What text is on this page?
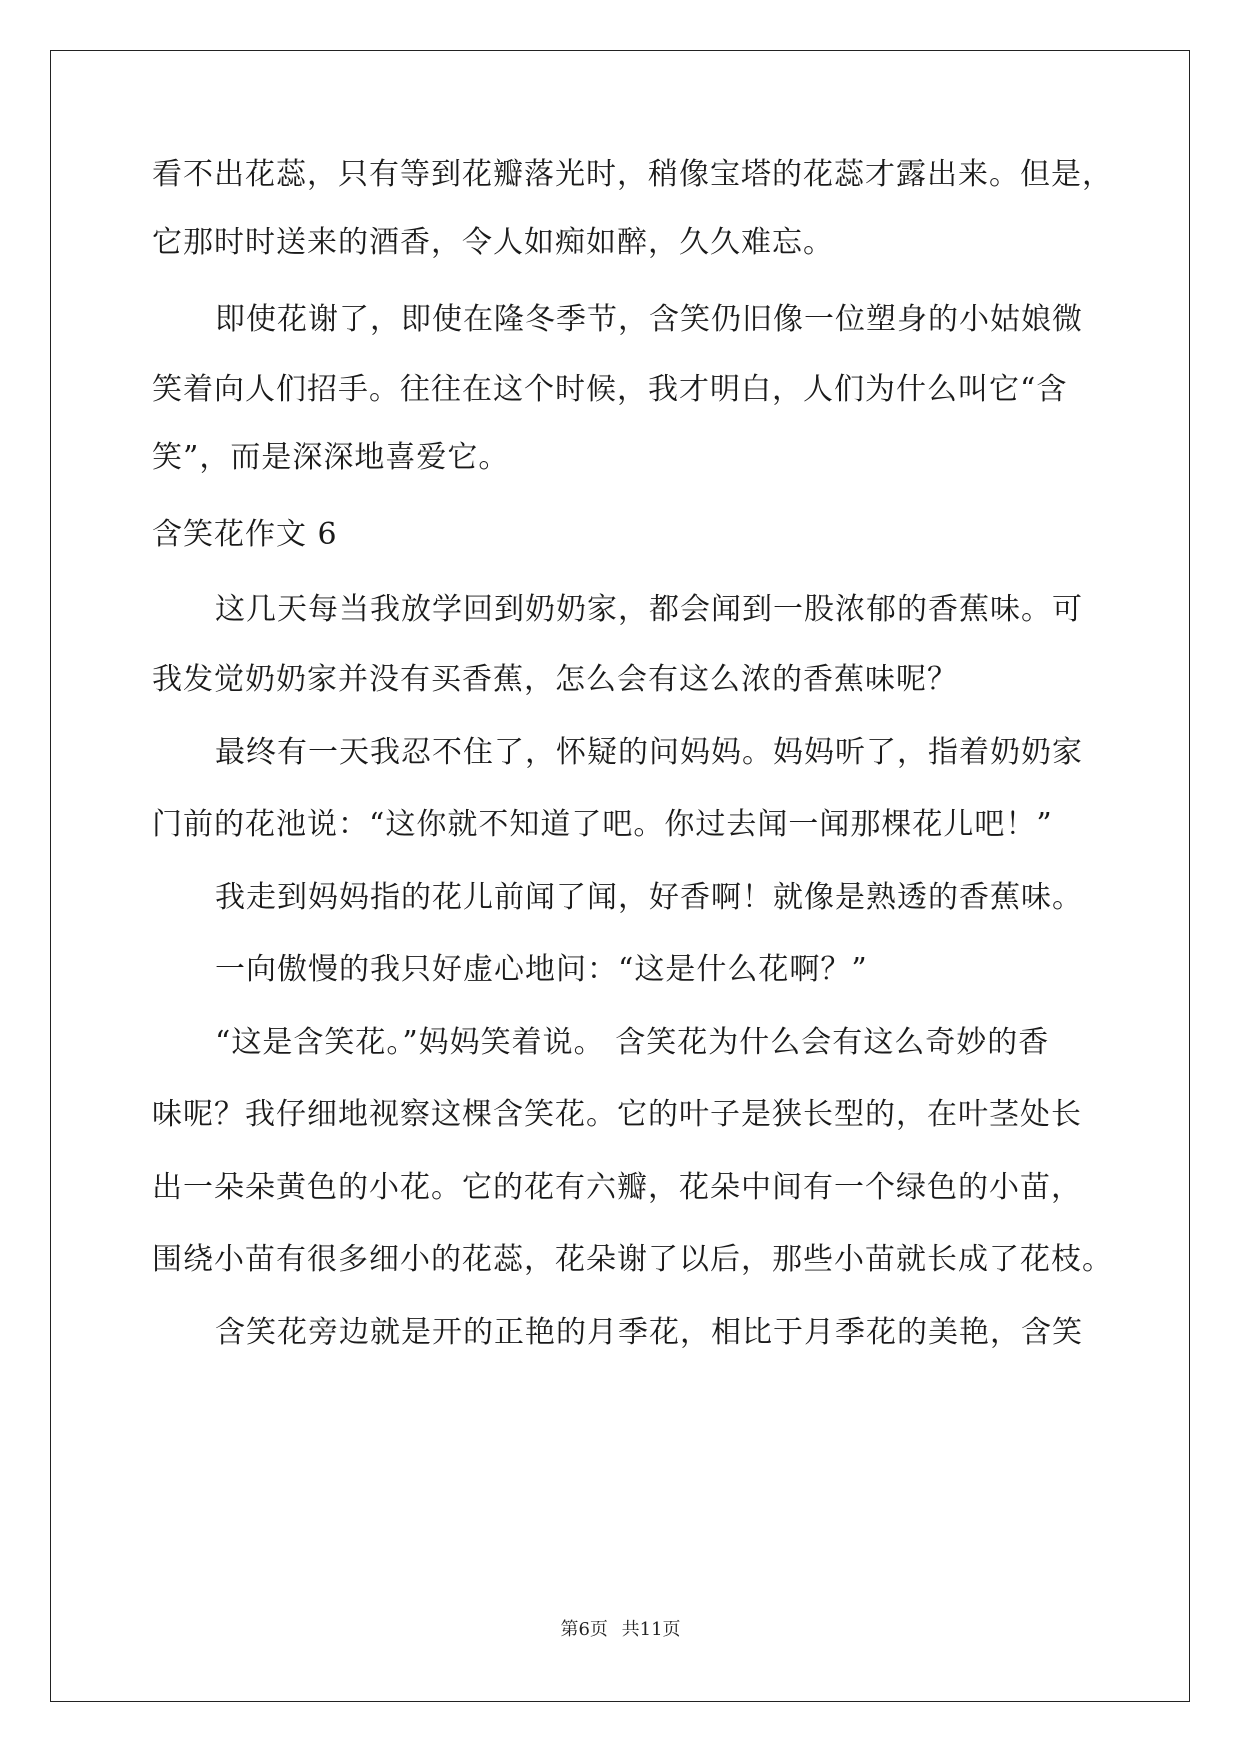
看不出花蕊，只有等到花瓣落光时，稍像宝塔的花蕊才露出来。但是，
它那时时送来的酒香，令人如痴如醉，久久难忘。
即使花谢了，即使在隆冬季节，含笑仍旧像一位塑身的小姑娘微
笑着向人们招手。往往在这个时候，我才明白，人们为什么叫它“含
笑”，而是深深地喜爱它。
含笑花作文 6
这几天每当我放学回到奶奶家，都会闻到一股浓郁的香蕉味。可
我发觉奶奶家并没有买香蕉，怎么会有这么浓的香蕉味呢？
最终有一天我忍不住了，怀疑的问妈妈。妈妈听了，指着奶奶家
门前的花池说：“这你就不知道了吧。你过去闻一闻那棵花儿吧！”
我走到妈妈指的花儿前闻了闻，好香啊！就像是熟透的香蕉味。
一向傲慢的我只好虚心地问：“这是什么花啊？”
“这是含笑花。”妈妈笑着说。 含笑花为什么会有这么奇妙的香
味呢？我仔细地视察这棵含笑花。它的叶子是狭长型的，在叶茎处长
出一朵朵黄色的小花。它的花有六瓣，花朵中间有一个绿色的小苗，
围绕小苗有很多细小的花蕊，花朵谢了以后，那些小苗就长成了花枝。
含笑花旁边就是开的正艳的月季花，相比于月季花的美艳，含笑
第6页 共11页
